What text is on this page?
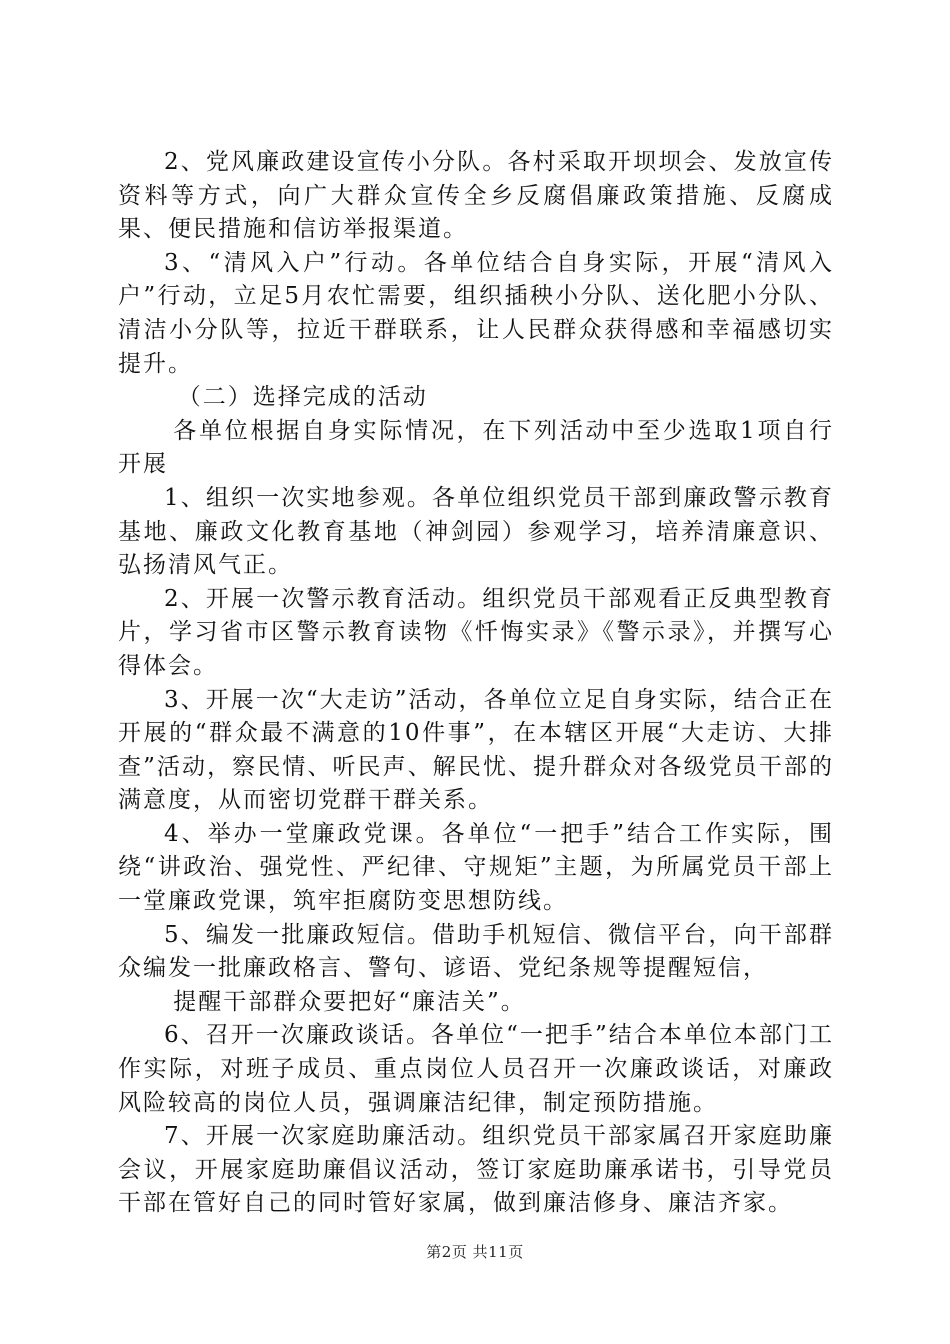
2、党风廉政建设宣传小分队。各村采取开坝坝会、发放宣传资料等方式，向广大群众宣传全乡反腐倡廉政策措施、反腐成果、便民措施和信访举报渠道。

3、“清风入户”行动。各单位结合自身实际，开展“清风入户”行动，立足5月农忙需要，组织插秧小分队、送化肥小分队、清洁小分队等，拉近干群联系，让人民群众获得感和幸福感切实提升。

（二）选择完成的活动

各单位根据自身实际情况，在下列活动中至少选取1项自行开展

1、组织一次实地参观。各单位组织党员干部到廉政警示教育基地、廉政文化教育基地（神剑园）参观学习，培养清廉意识、弘扬清风气正。

2、开展一次警示教育活动。组织党员干部观看正反典型教育片，学习省市区警示教育读物《忏悔实录》《警示录》，并撰写心得体会。

3、开展一次“大走访”活动，各单位立足自身实际，结合正在开展的“群众最不满意的10件事”，在本辖区开展“大走访、大排查”活动，察民情、听民声、解民忧、提升群众对各级党员干部的满意度，从而密切党群干群关系。

4、举办一堂廉政党课。各单位“一把手”结合工作实际，围绕“讲政治、强党性、严纪律、守规矩”主题，为所属党员干部上一堂廉政党课，筑牢拒腐防变思想防线。

5、编发一批廉政短信。借助手机短信、微信平台，向干部群众编发一批廉政格言、警句、谚语、党纪条规等提醒短信，

提醒干部群众要把好“廉洁关”。

6、召开一次廉政谈话。各单位“一把手”结合本单位本部门工作实际，对班子成员、重点岗位人员召开一次廉政谈话，对廉政风险较高的岗位人员，强调廉洁纪律，制定预防措施。

7、开展一次家庭助廉活动。组织党员干部家属召开家庭助廉会议，开展家庭助廉倡议活动，签订家庭助廉承诺书，引导党员干部在管好自己的同时管好家属，做到廉洁修身、廉洁齐家。

第2页 共11页
